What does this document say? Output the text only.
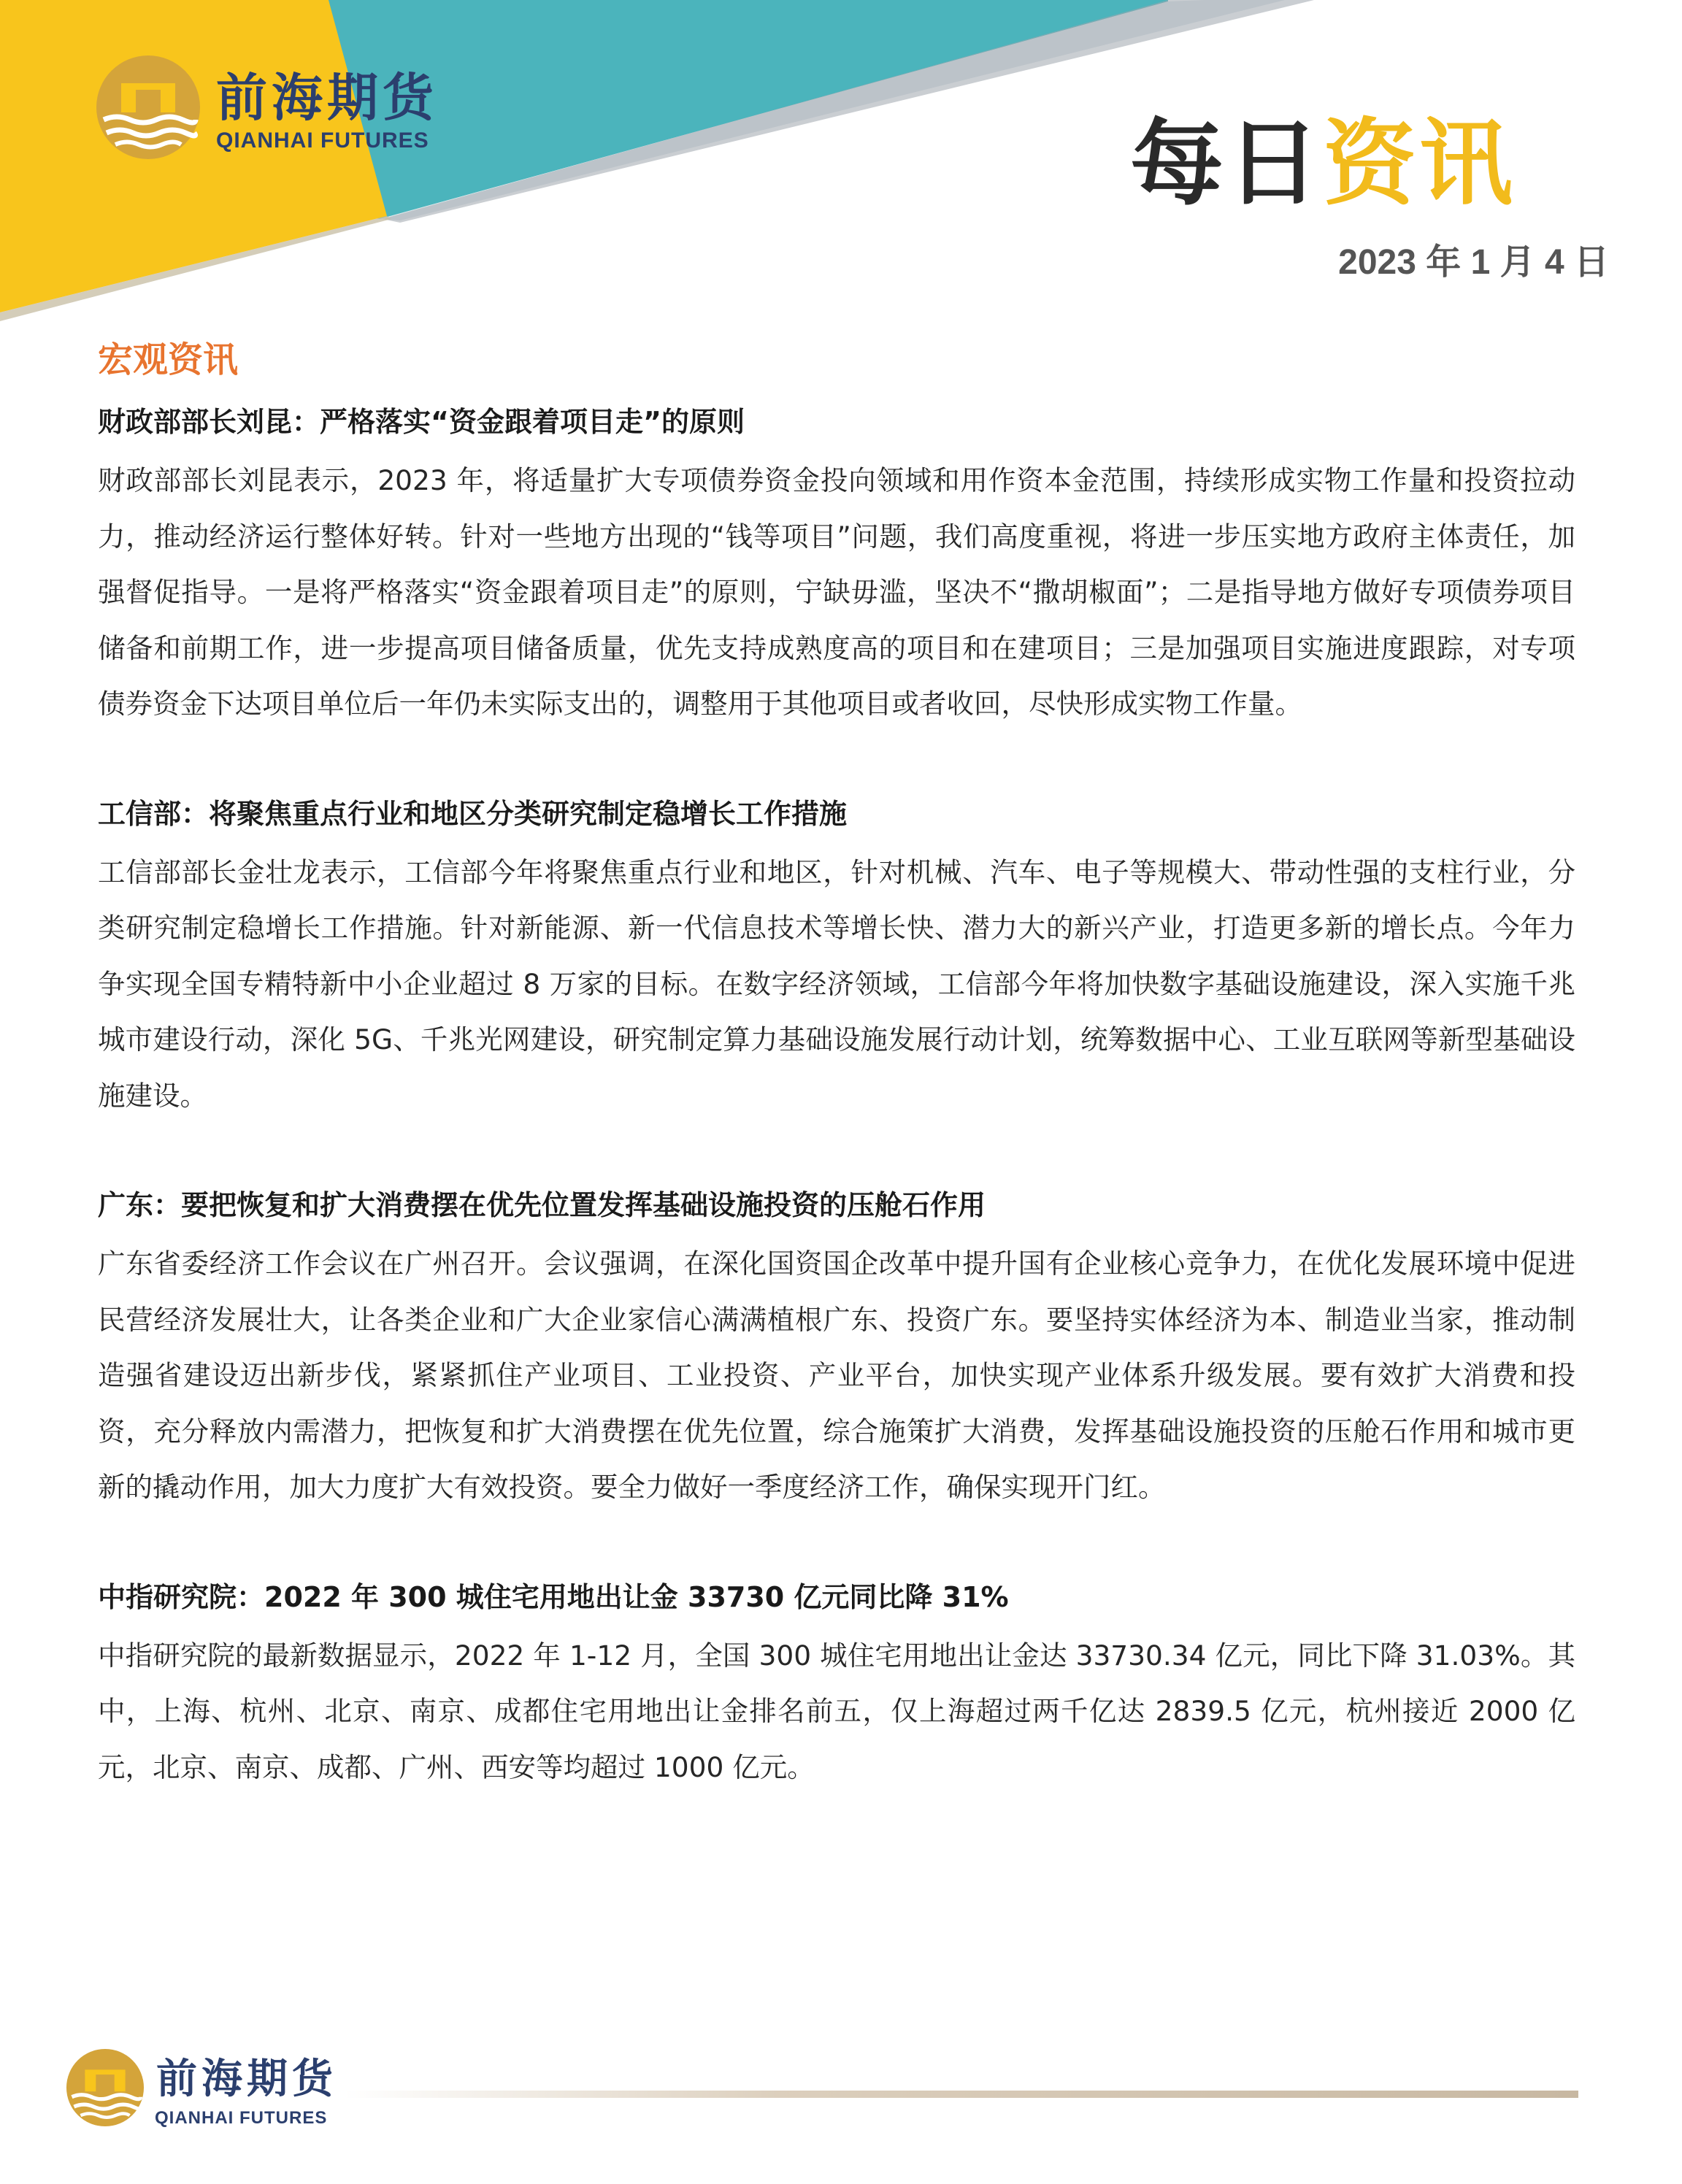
前海期货
QIANHAI FUTURES	每日资讯
2023 年 1 月 4 日
宏观资讯
财政部部长刘昆：严格落实“资金跟着项目走”的原则

财政部部长刘昆表示，2023 年，将适量扩大专项债券资金投向领域和用作资本金范围，持续形成实物工作量和投资拉动力，推动经济运行整体好转。针对一些地方出现的“钱等项目”问题，我们高度重视，将进一步压实地方政府主体责任，加强督促指导。一是将严格落实“资金跟着项目走”的原则，宁缺毋滥，坚决不“撒胡椒面”；二是指导地方做好专项债券项目储备和前期工作，进一步提高项目储备质量，优先支持成熟度高的项目和在建项目；三是加强项目实施进度跟踪，对专项债券资金下达项目单位后一年仍未实际支出的，调整用于其他项目或者收回，尽快形成实物工作量。

工信部：将聚焦重点行业和地区分类研究制定稳增长工作措施

工信部部长金壮龙表示，工信部今年将聚焦重点行业和地区，针对机械、汽车、电子等规模大、带动性强的支柱行业，分类研究制定稳增长工作措施。针对新能源、新一代信息技术等增长快、潜力大的新兴产业，打造更多新的增长点。今年力争实现全国专精特新中小企业超过 8 万家的目标。在数字经济领域，工信部今年将加快数字基础设施建设，深入实施千兆城市建设行动，深化 5G、千兆光网建设，研究制定算力基础设施发展行动计划，统筹数据中心、工业互联网等新型基础设施建设。

广东：要把恢复和扩大消费摆在优先位置发挥基础设施投资的压舱石作用

广东省委经济工作会议在广州召开。会议强调，在深化国资国企改革中提升国有企业核心竞争力，在优化发展环境中促进民营经济发展壮大，让各类企业和广大企业家信心满满植根广东、投资广东。要坚持实体经济为本、制造业当家，推动制造强省建设迈出新步伐，紧紧抓住产业项目、工业投资、产业平台，加快实现产业体系升级发展。要有效扩大消费和投资，充分释放内需潜力，把恢复和扩大消费摆在优先位置，综合施策扩大消费，发挥基础设施投资的压舱石作用和城市更新的撬动作用，加大力度扩大有效投资。要全力做好一季度经济工作，确保实现开门红。

中指研究院：2022 年 300 城住宅用地出让金 33730 亿元同比降 31%

中指研究院的最新数据显示，2022 年 1-12 月，全国 300 城住宅用地出让金达 33730.34 亿元，同比下降 31.03%。其中，上海、杭州、北京、南京、成都住宅用地出让金排名前五，仅上海超过两千亿达 2839.5 亿元，杭州接近 2000 亿元，北京、南京、成都、广州、西安等均超过 1000 亿元。

前海期货
QIANHAI FUTURES
